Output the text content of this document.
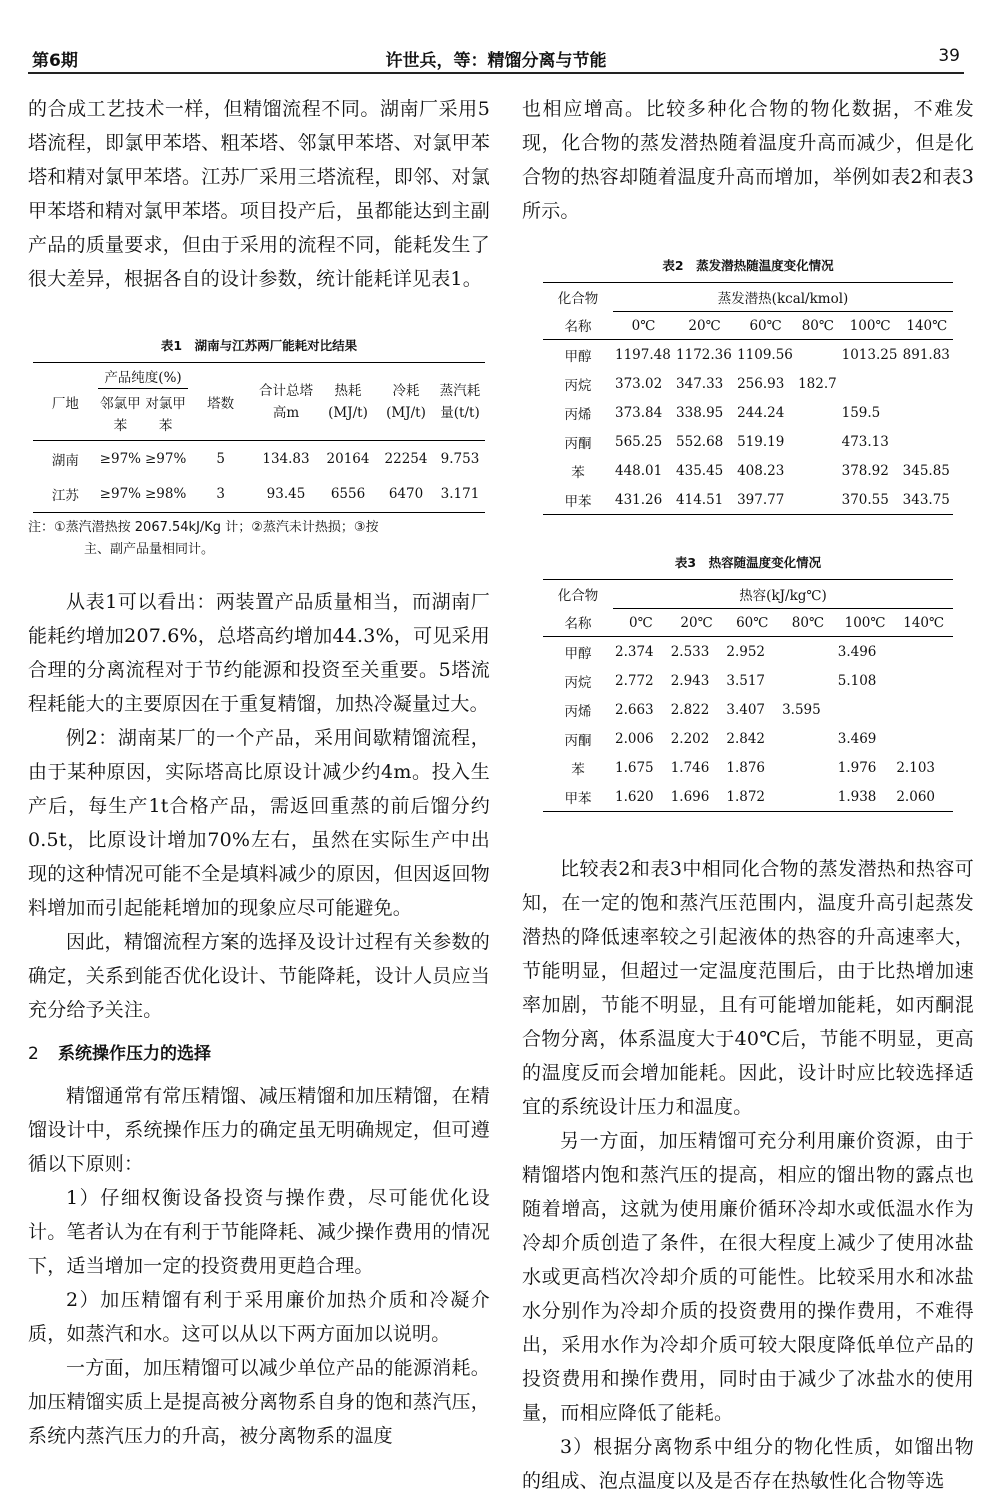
第6期	许世兵，等：精馏分离与节能	39

的合成工艺技术一样，但精馏流程不同。湖南厂采用5塔流程，即氯甲苯塔、粗苯塔、邻氯甲苯塔、对氯甲苯塔和精对氯甲苯塔。江苏厂采用三塔流程，即邻、对氯甲苯塔和精对氯甲苯塔。项目投产后，虽都能达到主副产品的质量要求，但由于采用的流程不同，能耗发生了很大差异，根据各自的设计参数，统计能耗详见表1。

表1　湖南与江苏两厂能耗对比结果

厂地	产品纯度(%)		塔数	合计总塔高m	热耗(MJ/t)	冷耗(MJ/t)	蒸汽耗量(t/t)
	邻氯甲苯	对氯甲苯					

湖南	≥97%	≥97%	5	134.83	20164	22254	9.753
江苏	≥97%	≥98%	3	93.45	6556	6470	3.171

注：①蒸汽潜热按 2067.54kJ/Kg 计；②蒸汽未计热损；③按
主、副产品量相同计。

从表1可以看出：两装置产品质量相当，而湖南厂能耗约增加207.6%，总塔高约增加44.3%，可见采用合理的分离流程对于节约能源和投资至关重要。5塔流程耗能大的主要原因在于重复精馏，加热冷凝量过大。

例2：湖南某厂的一个产品，采用间歇精馏流程，由于某种原因，实际塔高比原设计减少约4m。投入生产后，每生产1t合格产品，需返回重蒸的前后馏分约0.5t，比原设计增加70%左右，虽然在实际生产中出现的这种情况可能不全是填料减少的原因，但因返回物料增加而引起能耗增加的现象应尽可能避免。

因此，精馏流程方案的选择及设计过程有关参数的确定，关系到能否优化设计、节能降耗，设计人员应当充分给予关注。

2 系统操作压力的选择

精馏通常有常压精馏、减压精馏和加压精馏，在精馏设计中，系统操作压力的确定虽无明确规定，但可遵循以下原则：

1）仔细权衡设备投资与操作费，尽可能优化设计。笔者认为在有利于节能降耗、减少操作费用的情况下，适当增加一定的投资费用更趋合理。

2）加压精馏有利于采用廉价加热介质和冷凝介质，如蒸汽和水。这可以从以下两方面加以说明。

一方面，加压精馏可以减少单位产品的能源消耗。加压精馏实质上是提高被分离物系自身的饱和蒸汽压，系统内蒸汽压力的升高，被分离物系的温度

也相应增高。比较多种化合物的物化数据，不难发现，化合物的蒸发潜热随着温度升高而减少，但是化合物的热容却随着温度升高而增加，举例如表2和表3所示。

表2　蒸发潜热随温度变化情况

化合物	蒸发潜热(kcal/kmol)					
名称	0℃	20℃	60℃	80℃	100℃	140℃
甲醇	1197.48	1172.36	1109.56		1013.25	891.83
丙烷	373.02	347.33	256.93	182.7		
丙烯	373.84	338.95	244.24		159.5	
丙酮	565.25	552.68	519.19		473.13	
苯	448.01	435.45	408.23		378.92	345.85
甲苯	431.26	414.51	397.77		370.55	343.75

表3　热容随温度变化情况

化合物	热容(kJ/kg℃)					
名称	0℃	20℃	60℃	80℃	100℃	140℃
甲醇	2.374	2.533	2.952		3.496	
丙烷	2.772	2.943	3.517		5.108	
丙烯	2.663	2.822	3.407	3.595		
丙酮	2.006	2.202	2.842		3.469	
苯	1.675	1.746	1.876		1.976	2.103
甲苯	1.620	1.696	1.872		1.938	2.060

比较表2和表3中相同化合物的蒸发潜热和热容可知，在一定的饱和蒸汽压范围内，温度升高引起蒸发潜热的降低速率较之引起液体的热容的升高速率大，节能明显，但超过一定温度范围后，由于比热增加速率加剧，节能不明显，且有可能增加能耗，如丙酮混合物分离，体系温度大于40℃后，节能不明显，更高的温度反而会增加能耗。因此，设计时应比较选择适宜的系统设计压力和温度。

另一方面，加压精馏可充分利用廉价资源，由于精馏塔内饱和蒸汽压的提高，相应的馏出物的露点也随着增高，这就为使用廉价循环冷却水或低温水作为冷却介质创造了条件，在很大程度上减少了使用冰盐水或更高档次冷却介质的可能性。比较采用水和冰盐水分别作为冷却介质的投资费用的操作费用，不难得出，采用水作为冷却介质可较大限度降低单位产品的投资费用和操作费用，同时由于减少了冰盐水的使用量，而相应降低了能耗。

3）根据分离物系中组分的物化性质，如馏出物的组成、泡点温度以及是否存在热敏性化合物等选
